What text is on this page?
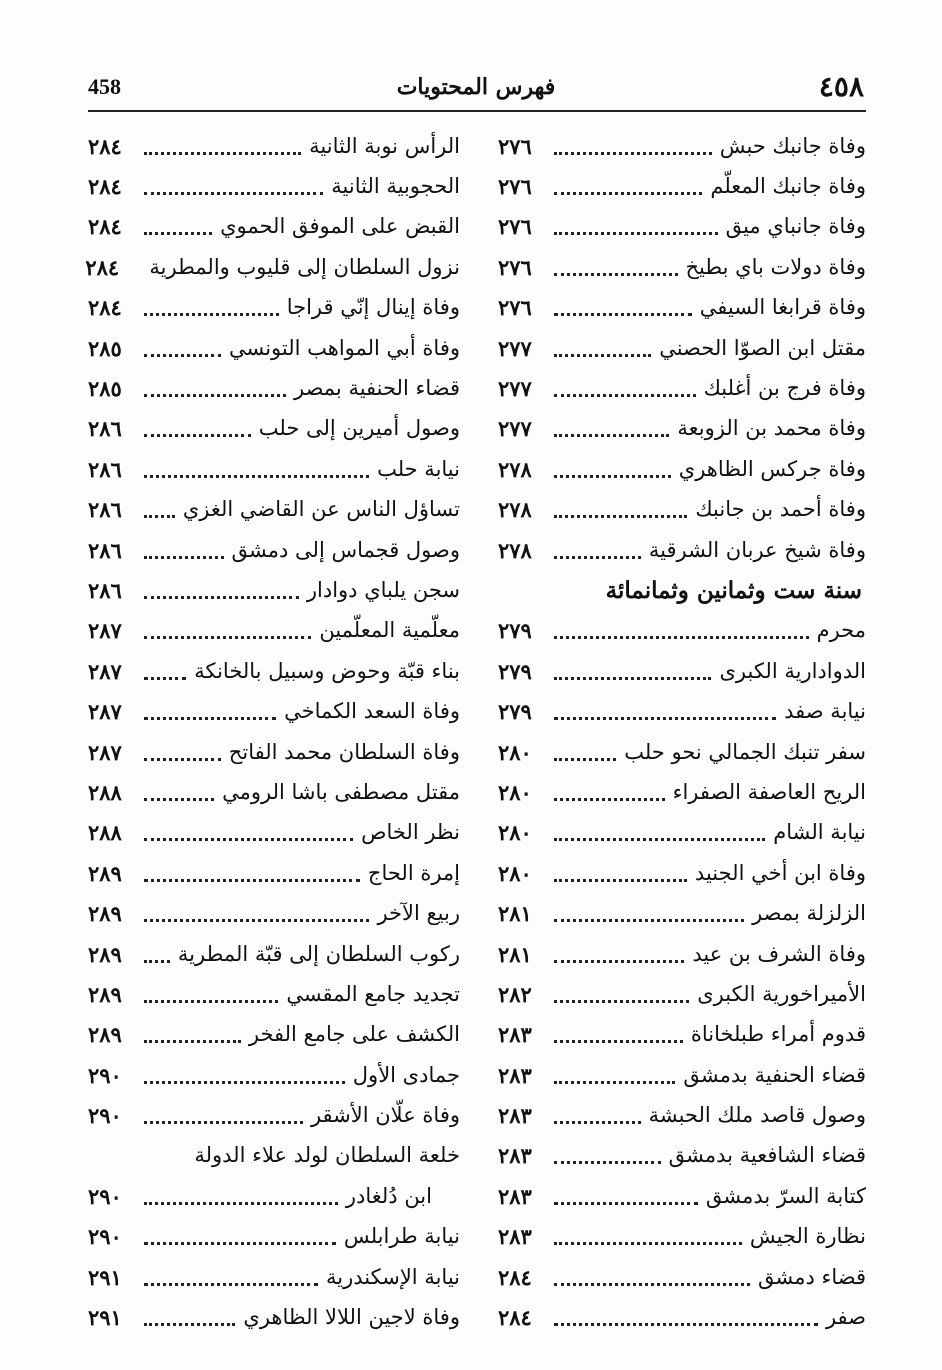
٤٥٨
فهرس المحتويات
458
وفاة جانبك حبش
٢٧٦
وفاة جانبك المعلّم
٢٧٦
وفاة جانباي ميق
٢٧٦
وفاة دولات باي بطيخ
٢٧٦
وفاة قرابغا السيفي
٢٧٦
مقتل ابن الصوّا الحصني
٢٧٧
وفاة فرج بن أغلبك
٢٧٧
وفاة محمد بن الزوبعة
٢٧٧
وفاة جركس الظاهري
٢٧٨
وفاة أحمد بن جانبك
٢٧٨
وفاة شيخ عربان الشرقية
٢٧٨
سنة ست وثمانين وثمانمائة
محرم
٢٧٩
الدوادارية الكبرى
٢٧٩
نيابة صفد
٢٧٩
سفر تنبك الجمالي نحو حلب
٢٨٠
الريح العاصفة الصفراء
٢٨٠
نيابة الشام
٢٨٠
وفاة ابن أخي الجنيد
٢٨٠
الزلزلة بمصر
٢٨١
وفاة الشرف بن عيد
٢٨١
الأميراخورية الكبرى
٢٨٢
قدوم أمراء طبلخاناة
٢٨٣
قضاء الحنفية بدمشق
٢٨٣
وصول قاصد ملك الحبشة
٢٨٣
قضاء الشافعية بدمشق
٢٨٣
كتابة السرّ بدمشق
٢٨٣
نظارة الجيش
٢٨٣
قضاء دمشق
٢٨٤
صفر
٢٨٤
الرأس نوبة الثانية
٢٨٤
الحجوبية الثانية
٢٨٤
القبض على الموفق الحموي
٢٨٤
نزول السلطان إلى قليوب والمطرية
٢٨٤
وفاة إينال إنّي قراجا
٢٨٤
وفاة أبي المواهب التونسي
٢٨٥
قضاء الحنفية بمصر
٢٨٥
وصول أميرين إلى حلب
٢٨٦
نيابة حلب
٢٨٦
تساؤل الناس عن القاضي الغزي
٢٨٦
وصول قجماس إلى دمشق
٢٨٦
سجن يلباي دوادار
٢٨٦
معلّمية المعلّمين
٢٨٧
بناء قبّة وحوض وسبيل بالخانكة
٢٨٧
وفاة السعد الكماخي
٢٨٧
وفاة السلطان محمد الفاتح
٢٨٧
مقتل مصطفى باشا الرومي
٢٨٨
نظر الخاص
٢٨٨
إمرة الحاج
٢٨٩
ربيع الآخر
٢٨٩
ركوب السلطان إلى قبّة المطرية
٢٨٩
تجديد جامع المقسي
٢٨٩
الكشف على جامع الفخر
٢٨٩
جمادى الأول
٢٩٠
وفاة علّان الأشقر
٢٩٠
خلعة السلطان لولد علاء الدولة
ابن دُلغادر
٢٩٠
نيابة طرابلس
٢٩٠
نيابة الإسكندرية
٢٩١
وفاة لاجين اللالا الظاهري
٢٩١
